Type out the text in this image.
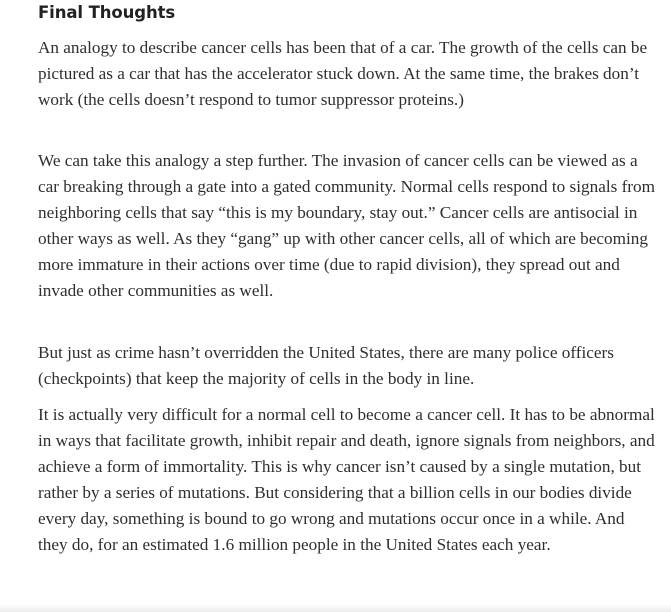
Final Thoughts

An analogy to describe cancer cells has been that of a car. The growth of the cells can be pictured as a car that has the accelerator stuck down. At the same time, the brakes don’t work (the cells doesn’t respond to tumor suppressor proteins.)

We can take this analogy a step further. The invasion of cancer cells can be viewed as a car breaking through a gate into a gated community. Normal cells respond to signals from neighboring cells that say “this is my boundary, stay out.” Cancer cells are antisocial in other ways as well. As they “gang” up with other cancer cells, all of which are becoming more immature in their actions over time (due to rapid division), they spread out and invade other communities as well.

But just as crime hasn’t overridden the United States, there are many police officers (checkpoints) that keep the majority of cells in the body in line.

It is actually very difficult for a normal cell to become a cancer cell. It has to be abnormal in ways that facilitate growth, inhibit repair and death, ignore signals from neighbors, and achieve a form of immortality. This is why cancer isn’t caused by a single mutation, but rather by a series of mutations. But considering that a billion cells in our bodies divide every day, something is bound to go wrong and mutations occur once in a while. And they do, for an estimated 1.6 million people in the United States each year.
